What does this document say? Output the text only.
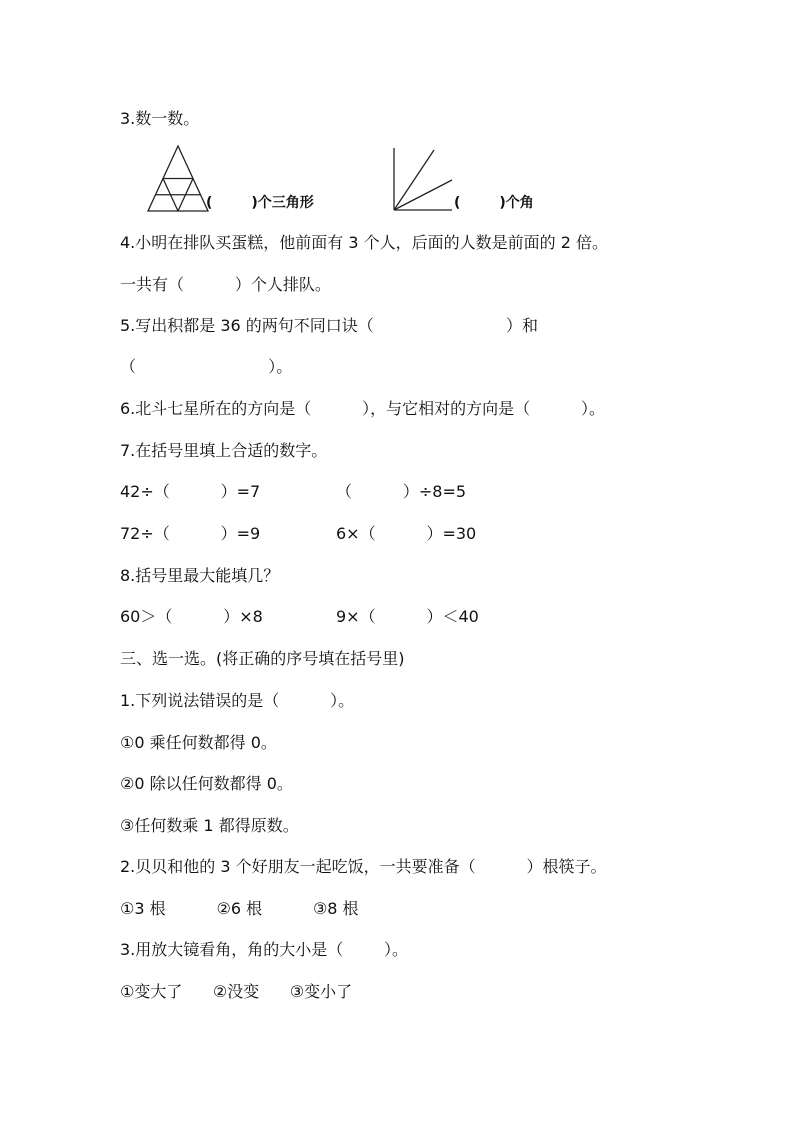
3.数一数。
(        )个三角形	(        )个角
4.小明在排队买蛋糕，他前面有 3 个人，后面的人数是前面的 2 倍。
一共有（          ）个人排队。
5.写出积都是 36 的两句不同口诀（                          ）和
（                          ）。
6.北斗七星所在的方向是（          ），与它相对的方向是（          ）。
7.在括号里填上合适的数字。
42÷（          ）=7	（          ）÷8=5
72÷（          ）=9	6×（          ）=30
8.括号里最大能填几？
60＞（          ）×8	9×（          ）＜40
三、选一选。(将正确的序号填在括号里)
1.下列说法错误的是（          ）。
①0 乘任何数都得 0。
②0 除以任何数都得 0。
③任何数乘 1 都得原数。
2.贝贝和他的 3 个好朋友一起吃饭，一共要准备（          ）根筷子。
①3 根          ②6 根          ③8 根
3.用放大镜看角，角的大小是（        ）。
①变大了      ②没变      ③变小了
